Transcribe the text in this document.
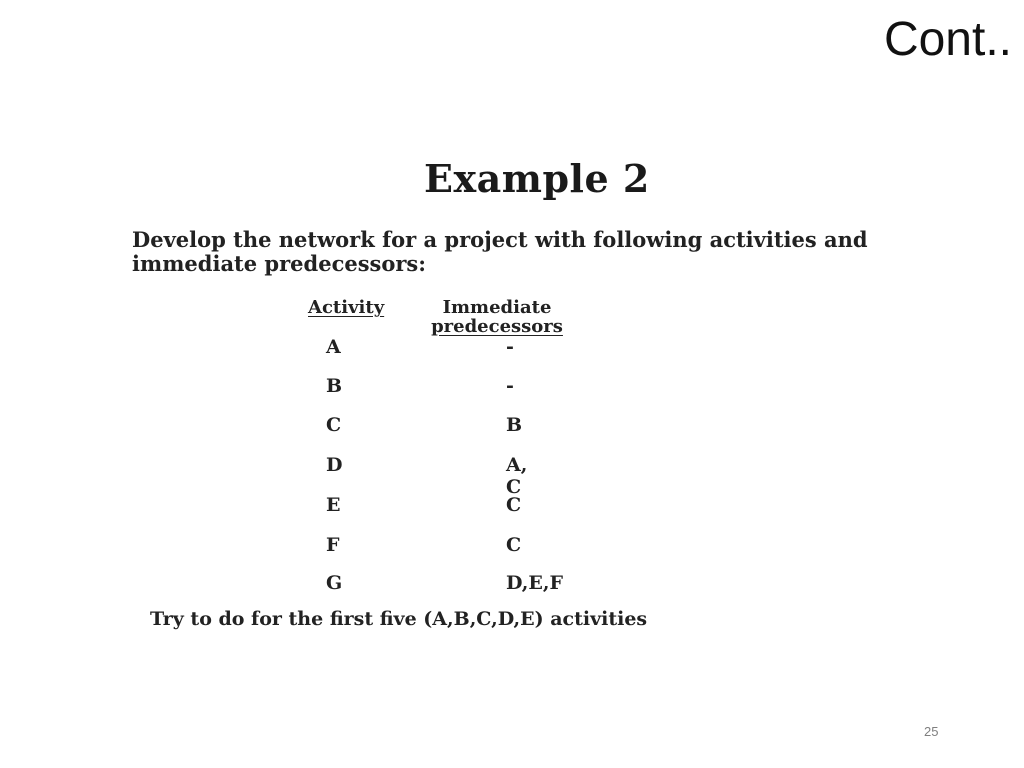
Cont..
Example 2
Develop the network for a project with following activities and immediate predecessors:
Activity	Immediate
predecessors
A	-
B	-
C	B
D	A, C
E	C
F	C
G	D,E,F
Try to do for the first five (A,B,C,D,E) activities
25
